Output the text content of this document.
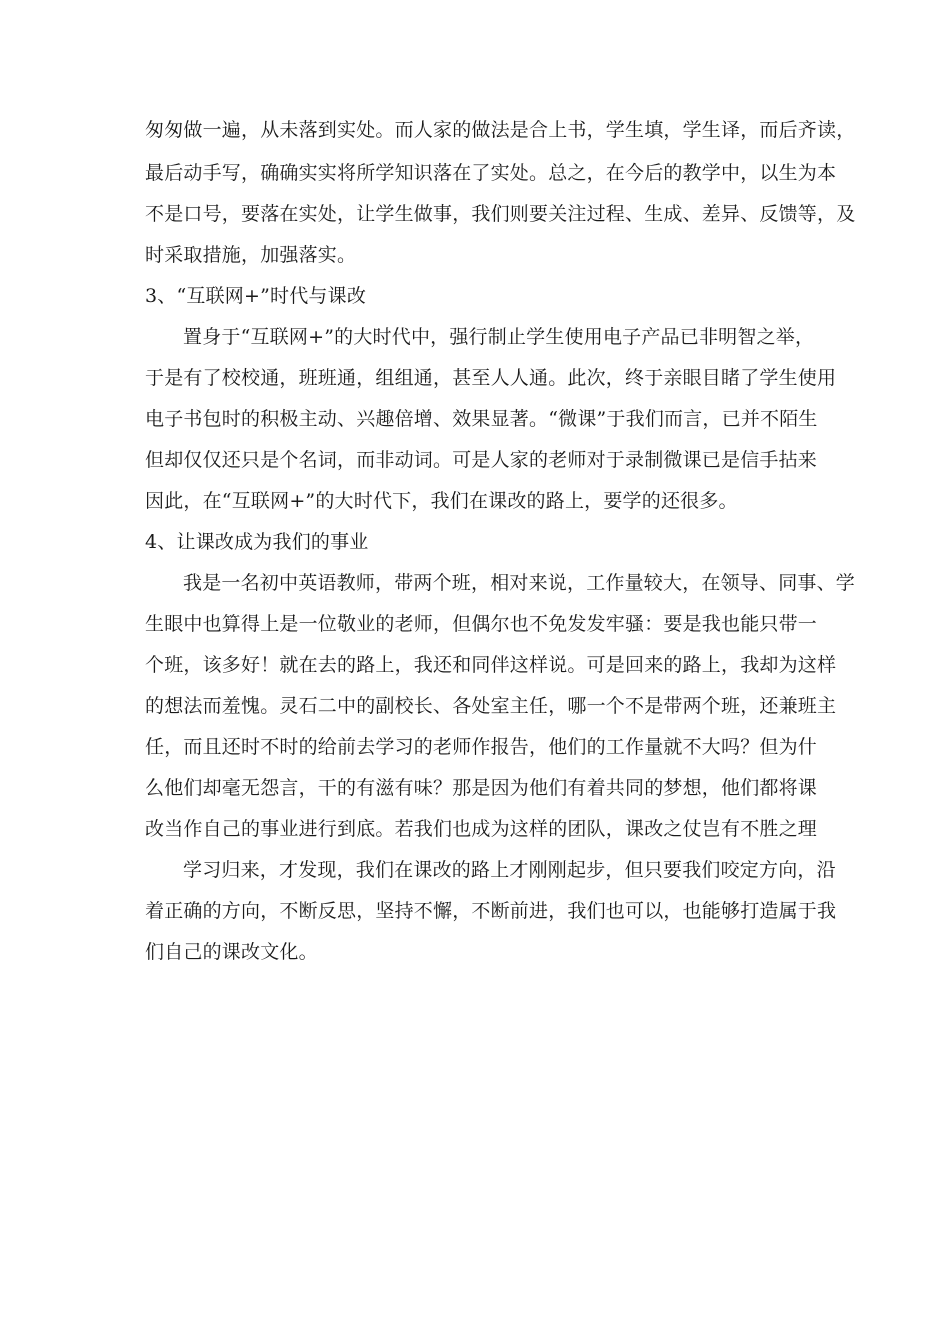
匆匆做一遍，从未落到实处。而人家的做法是合上书，学生填，学生译，而后齐读，
最后动手写，确确实实将所学知识落在了实处。总之，在今后的教学中，以生为本
不是口号，要落在实处，让学生做事，我们则要关注过程、生成、差异、反馈等，及
时采取措施，加强落实。
3、“互联网+”时代与课改
置身于“互联网+”的大时代中，强行制止学生使用电子产品已非明智之举，
于是有了校校通，班班通，组组通，甚至人人通。此次，终于亲眼目睹了学生使用
电子书包时的积极主动、兴趣倍增、效果显著。“微课”于我们而言，已并不陌生
但却仅仅还只是个名词，而非动词。可是人家的老师对于录制微课已是信手拈来
因此，在“互联网+”的大时代下，我们在课改的路上，要学的还很多。
4、让课改成为我们的事业
我是一名初中英语教师，带两个班，相对来说，工作量较大，在领导、同事、学
生眼中也算得上是一位敬业的老师，但偶尔也不免发发牢骚：要是我也能只带一
个班，该多好！就在去的路上，我还和同伴这样说。可是回来的路上，我却为这样
的想法而羞愧。灵石二中的副校长、各处室主任，哪一个不是带两个班，还兼班主
任，而且还时不时的给前去学习的老师作报告，他们的工作量就不大吗？但为什
么他们却毫无怨言，干的有滋有味？那是因为他们有着共同的梦想，他们都将课
改当作自己的事业进行到底。若我们也成为这样的团队，课改之仗岂有不胜之理
学习归来，才发现，我们在课改的路上才刚刚起步，但只要我们咬定方向，沿
着正确的方向，不断反思，坚持不懈，不断前进，我们也可以，也能够打造属于我
们自己的课改文化。
